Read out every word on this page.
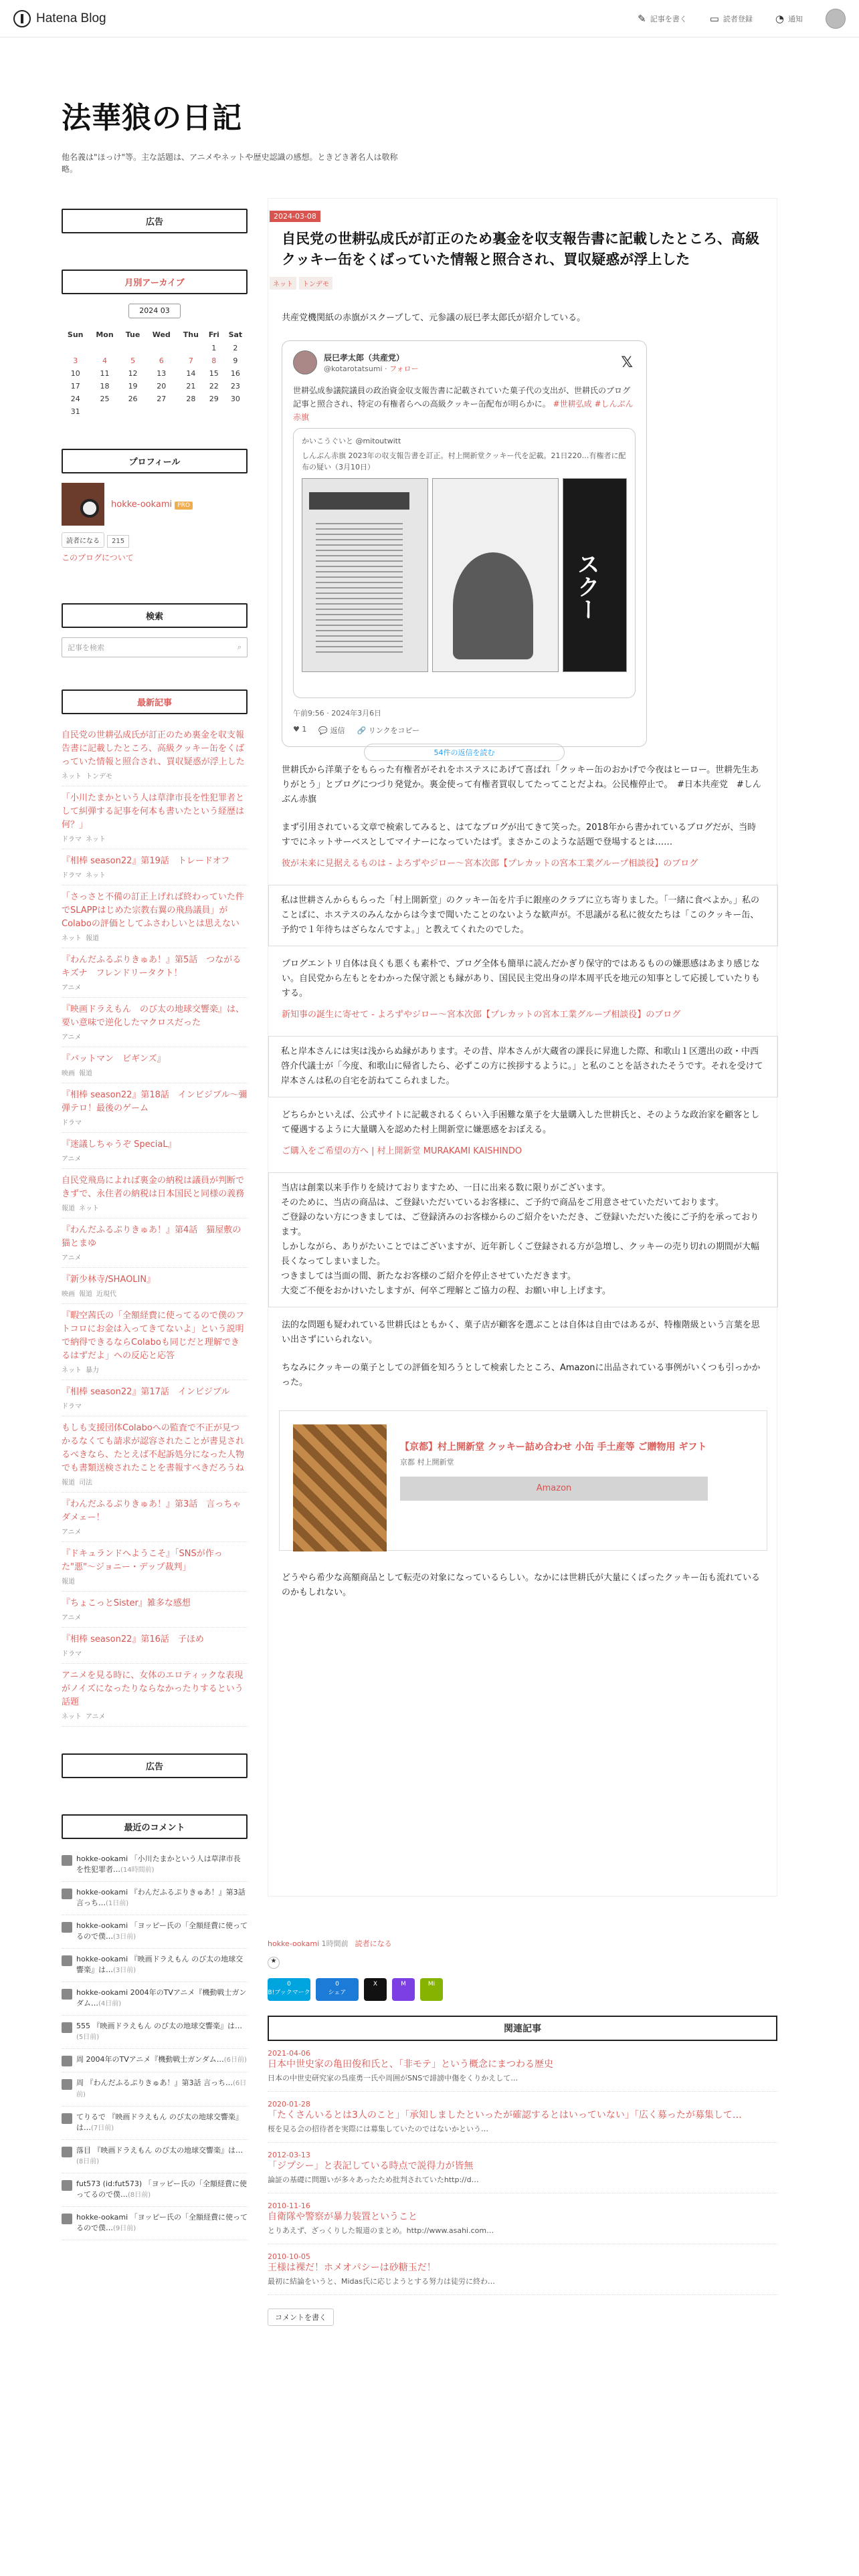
Hatena Blog	✎ 記事を書く ▭ 読者登録 ◔ 通知
法華狼の日記

他名義は"ほっけ"等。主な話題は、アニメやネットや歴史認識の感想。ときどき著名人は敬称略。

広告
月別アーカイブ
2024 03
Sun	Mon	Tue	Wed	Thu	Fri	Sat
					1	2
3	4	5	6	7	8	9
10	11	12	13	14	15	16
17	18	19	20	21	22	23
24	25	26	27	28	29	30
31						
プロフィール
hokke-ookami PRO
読者になる 215
このブログについて
検索
記事を検索	⌕
最新記事
自民党の世耕弘成氏が訂正のため裏金を収支報告書に記載したところ、高級クッキー缶をくばっていた情報と照合され、買収疑惑が浮上した
ネット トンデモ
「小川たまかという人は草津市長を性犯罪者として糾弾する記事を何本も書いたという経歴は何？」
ドラマ ネット
『相棒 season22』第19話　トレードオフ
ドラマ ネット
「さっさと不備の訂正上げれば終わっていた件でSLAPPはじめた宗教右翼の飛鳥議員」がColaboの評価としてふさわしいとは思えない
ネット 報道
『わんだふるぷりきゅあ！』第5話　つながるキズナ　フレンドリータクト！
アニメ
『映画ドラえもん　のび太の地球交響楽』は、要い意味で逆化したマクロスだった
アニメ
『バットマン　ビギンズ』
映画 報道
『相棒 season22』第18話　インビジブル〜彌弾テロ！最後のゲーム
ドラマ
『迷議しちゃうぞ SpeciaL』
アニメ
自民党飛鳥によれば裏金の納税は議員が判断できずで、永住者の納税は日本国民と同様の義務
報道 ネット
『わんだふるぷりきゅあ！』第4話　猫屋敷の猫とまゆ
アニメ
『新少林寺/SHAOLIN』
映画 報道 近現代
『暇空茜氏の「全額経費に使ってるので僕のフトコロにお金は入ってきてないよ」という説明で納得できるならColaboも同じだと理解できるはずだよ」への反応と応答
ネット 暴力
『相棒 season22』第17話　インビジブル
ドラマ
もしも支援団体Colaboへの監査で不正が見つかるなくても請求が認容されたことが書見されるべきなら、たとえば不起訴処分になった人物でも書類送検されたことを書報すべきだろうね
報道 司法
『わんだふるぷりきゅあ！』第3話　言っちゃダメェー！
アニメ
『ドキュランドへようこそ』「SNSが作った"悪"〜ジョニー・デップ裁判」
報道
『ちょこっとSister』雑多な感想
アニメ
『相棒 season22』第16話　子ほめ
ドラマ
アニメを見る時に、女体のエロティックな表現がノイズになったりならなかったりするという話題
ネット アニメ
広告
最近のコメント
hokke-ookami 「小川たまかという人は草津市長を性犯罪者…(14時間前)
hokke-ookami 『わんだふるぷりきゅあ！』第3話 言っち…(1日前)
hokke-ookami 「ヨッピー氏の「全額経費に使ってるので僕…(3日前)
hokke-ookami 『映画ドラえもん のび太の地球交響楽』は…(3日前)
hokke-ookami 2004年のTVアニメ『機動戦士ガンダム…(4日前)
555 『映画ドラえもん のび太の地球交響楽』は…(5日前)
周 2004年のTVアニメ『機動戦士ガンダム…(6日前)
周 『わんだふるぷりきゅあ！』第3話 言っち…(6日前)
てりるで 『映画ドラえもん のび太の地球交響楽』は…(7日前)
落目 『映画ドラえもん のび太の地球交響楽』は…(8日前)
fut573 (id:fut573) 「ヨッピー氏の「全額経費に使ってるので僕…(8日前)
hokke-ookami 「ヨッピー氏の「全額経費に使ってるので僕…(9日前)
2024-03-08
自民党の世耕弘成氏が訂正のため裏金を収支報告書に記載したところ、高級クッキー缶をくばっていた情報と照合され、買収疑惑が浮上した
ネット トンデモ
共産党機関紙の赤旗がスクープして、元参議の辰巳孝太郎氏が紹介している。
辰巳孝太郎（共産党）
@kotarotatsumi · フォロー	𝕏
世耕弘成参議院議員の政治資金収支報告書に記載されていた菓子代の支出が、世耕氏のブログ記事と照合され、特定の有権者らへの高級クッキー缶配布が明らかに。 #世耕弘成 #しんぶん赤旗
かいこうぐいと @mitoutwitt
しんぶん赤旗 2023年の収支報告書を訂正。村上開新堂クッキー代を記載。21日220…有権者に配布の疑い（3月10日）
スクー
午前9:56 · 2024年3月6日
♥ 1 💬 返信 🔗 リンクをコピー
54件の返信を読む
世耕氏から洋菓子をもらった有権者がそれをホステスにあげて喜ばれ「クッキー缶のおかげで今夜はヒーロー。世耕先生ありがとう」とブログにつづり発覚か。裏金使って有権者買収してたってことだよね。公民権停止で。　#日本共産党　#しんぶん赤旗
まず引用されている文章で検索してみると、はてなブログが出てきて笑った。2018年から書かれているブログだが、当時すでにネットサーベスとしてマイナーになっていたはず。まさかこのような話題で登場するとは……
彼が未来に見据えるものは - よろずやジロー〜宮本次郎【プレカットの宮本工業グループ相談役】のブログ
私は世耕さんからもらった「村上開新堂」のクッキー缶を片手に銀座のクラブに立ち寄りました。「一緒に食べよか。」私のことばに、ホステスのみんなからは今まで聞いたことのないような歓声が。不思議がる私に彼女たちは「このクッキー缶、予約で１年待ちはざらなんですよ。」と教えてくれたのでした。
プログエントリ自体は良くも悪くも素朴で、ブログ全体も簡単に読んだかぎり保守的ではあるものの嫌悪感はあまり感じない。自民党から左もとをわかった保守派とも縁があり、国民民主党出身の岸本周平氏を地元の知事として応援していたりもする。
新知事の誕生に寄せて - よろずやジロー〜宮本次郎【プレカットの宮本工業グループ相談役】のブログ
私と岸本さんには実は浅からぬ縁があります。その昔、岸本さんが大蔵省の課長に昇進した際、和歌山１区選出の政・中西啓介代議士が「今度、和歌山に帰省したら、必ずこの方に挨拶するように。」と私のことを話されたそうです。それを受けて岸本さんは私の自宅を訪ねてこられました。
どちらかといえば、公式サイトに記載されるくらい入手困難な菓子を大量購入した世耕氏と、そのような政治家を顧客として優遇するように大量購入を認めた村上開新堂に嫌悪感をおぼえる。
ご購入をご希望の方へ | 村上開新堂 MURAKAMI KAISHINDO
当店は創業以来手作りを続けておりますため、一日に出来る数に限りがございます。
そのために、当店の商品は、ご登録いただいているお客様に、ご予約で商品をご用意させていただいております。
ご登録のない方につきましては、ご登録済みのお客様からのご紹介をいただき、ご登録いただいた後にご予約を承っております。
しかしながら、ありがたいことではございますが、近年新しくご登録される方が急増し、クッキーの売り切れの期間が大幅長くなってしまいました。
つきましては当面の間、新たなお客様のご紹介を停止させていただきます。
大変ご不便をおかけいたしますが、何卒ご理解とご協力の程、お願い申し上げます。
法的な問題も疑われている世耕氏はともかく、菓子店が顧客を選ぶことは自体は自由ではあるが、特権階級という言葉を思い出さずにいられない。
ちなみにクッキーの菓子としての評価を知ろうとして検索したところ、Amazonに出品されている事例がいくつも引っかかった。
【京都】村上開新堂 クッキー詰め合わせ 小缶 手土産等 ご贈物用 ギフト
京都 村上開新堂
Amazon
どうやら希少な高額商品として転売の対象になっているらしい。なかには世耕氏が大量にくばったクッキー缶も流れているのかもしれない。
hokke-ookami 1時間前 読者になる
★
0
B!ブックマーク
0
シェア
X	M	Mi
関連記事
2021-04-06
日本中世史家の亀田俊和氏と、「非モテ」という概念にまつわる歴史
日本の中世史研究家の呉座勇一氏や周囲がSNSで誹謗中傷をくりかえして…
2020-01-28
「たくさんいるとは3人のこと」「承知しましたといったが確認するとはいっていない」「広く募ったが募集して…
桜を見る会の招待者を実際には募集していたのではないかという…
2012-03-13
「ジプシー」と表記している時点で説得力が皆無
論証の基礎に問題いが多々あったため批判されていたhttp://d…
2010-11-16
自衛隊や警察が暴力装置ということ
とりあえず、ざっくりした報道のまとめ。http://www.asahi.com…
2010-10-05
王様は裸だ！ホメオパシーは砂糖玉だ！
最初に結論をいうと、Midas氏に応じようとする努力は徒労に終わ…
コメントを書く
